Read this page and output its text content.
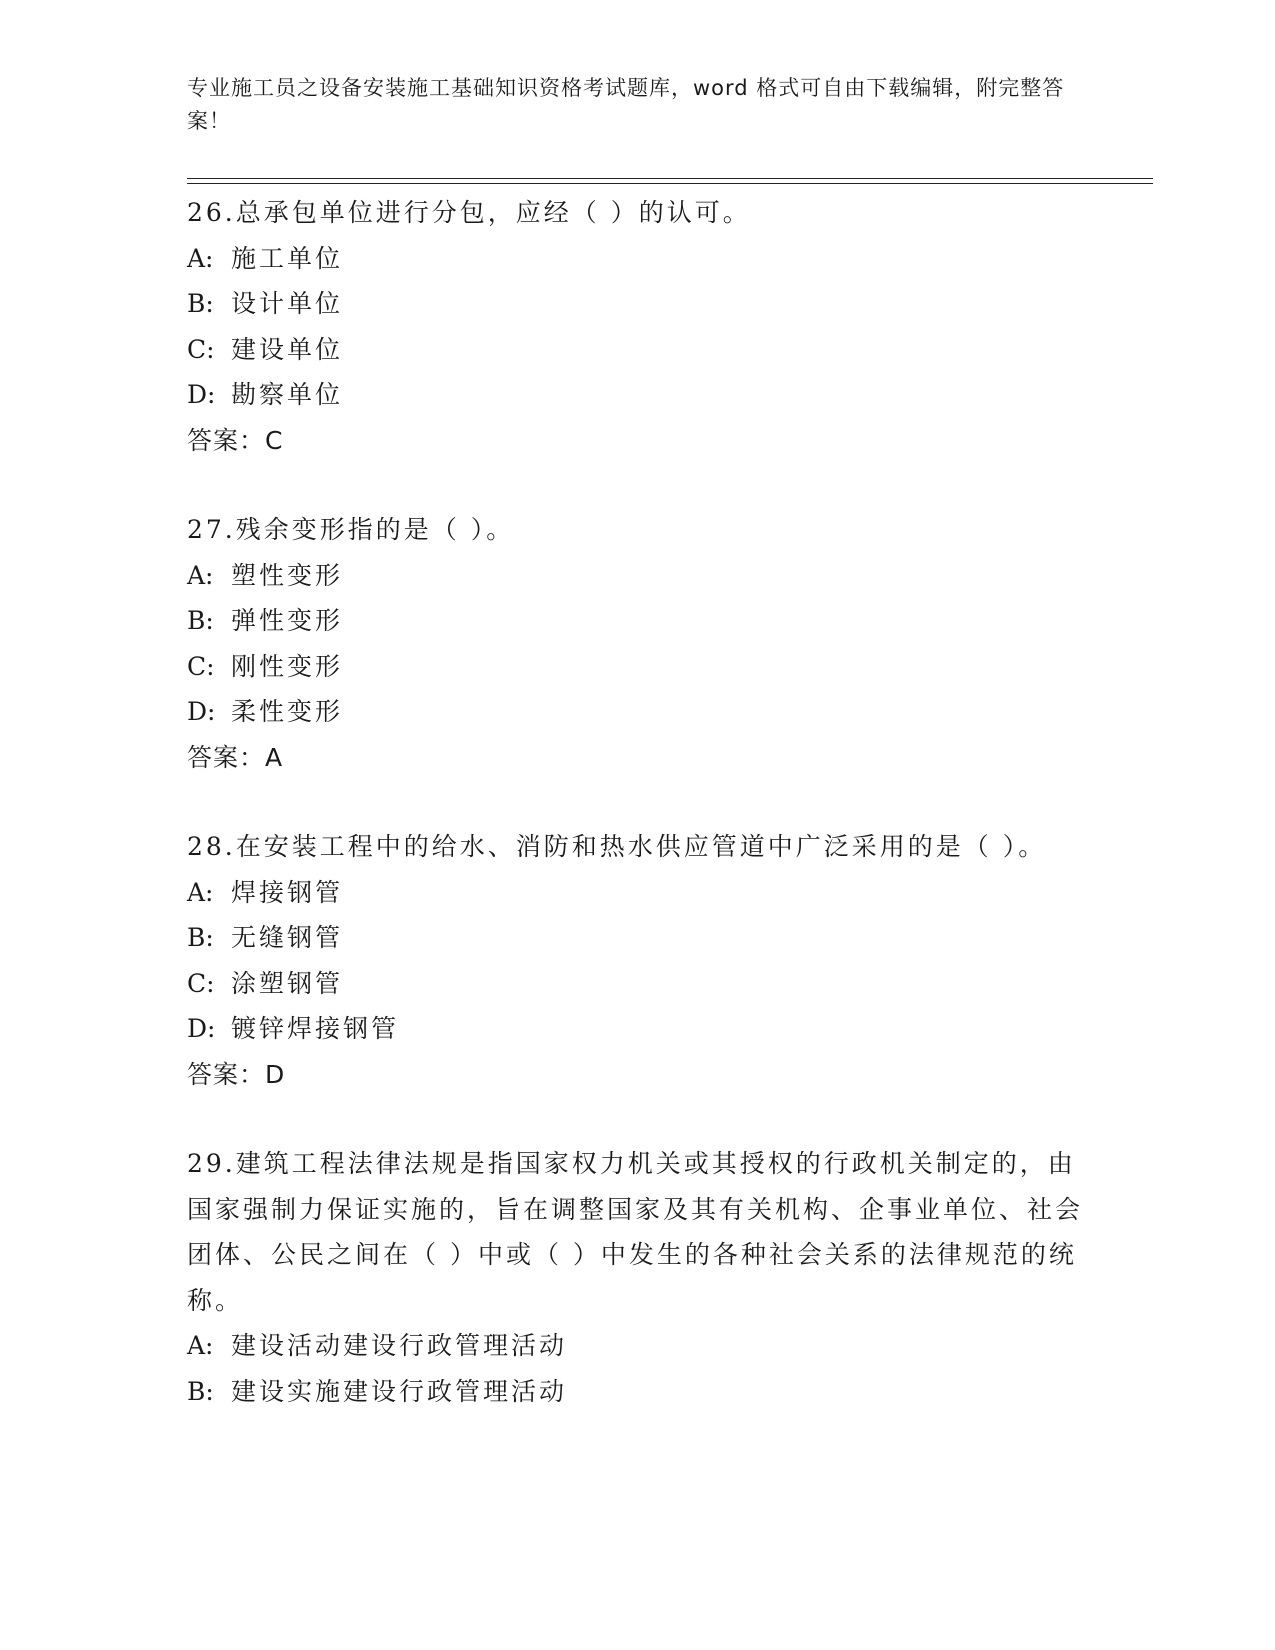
专业施工员之设备安装施工基础知识资格考试题库，word 格式可自由下载编辑，附完整答案！

26.总承包单位进行分包，应经（ ）的认可。

A: 施工单位

B: 设计单位

C: 建设单位

D: 勘察单位

答案：C

27.残余变形指的是（ ）。

A: 塑性变形

B: 弹性变形

C: 刚性变形

D: 柔性变形

答案：A

28.在安装工程中的给水、消防和热水供应管道中广泛采用的是（ ）。

A: 焊接钢管

B: 无缝钢管

C: 涂塑钢管

D: 镀锌焊接钢管

答案：D

29.建筑工程法律法规是指国家权力机关或其授权的行政机关制定的，由国家强制力保证实施的，旨在调整国家及其有关机构、企事业单位、社会团体、公民之间在（ ）中或（ ）中发生的各种社会关系的法律规范的统称。

A: 建设活动建设行政管理活动

B: 建设实施建设行政管理活动
